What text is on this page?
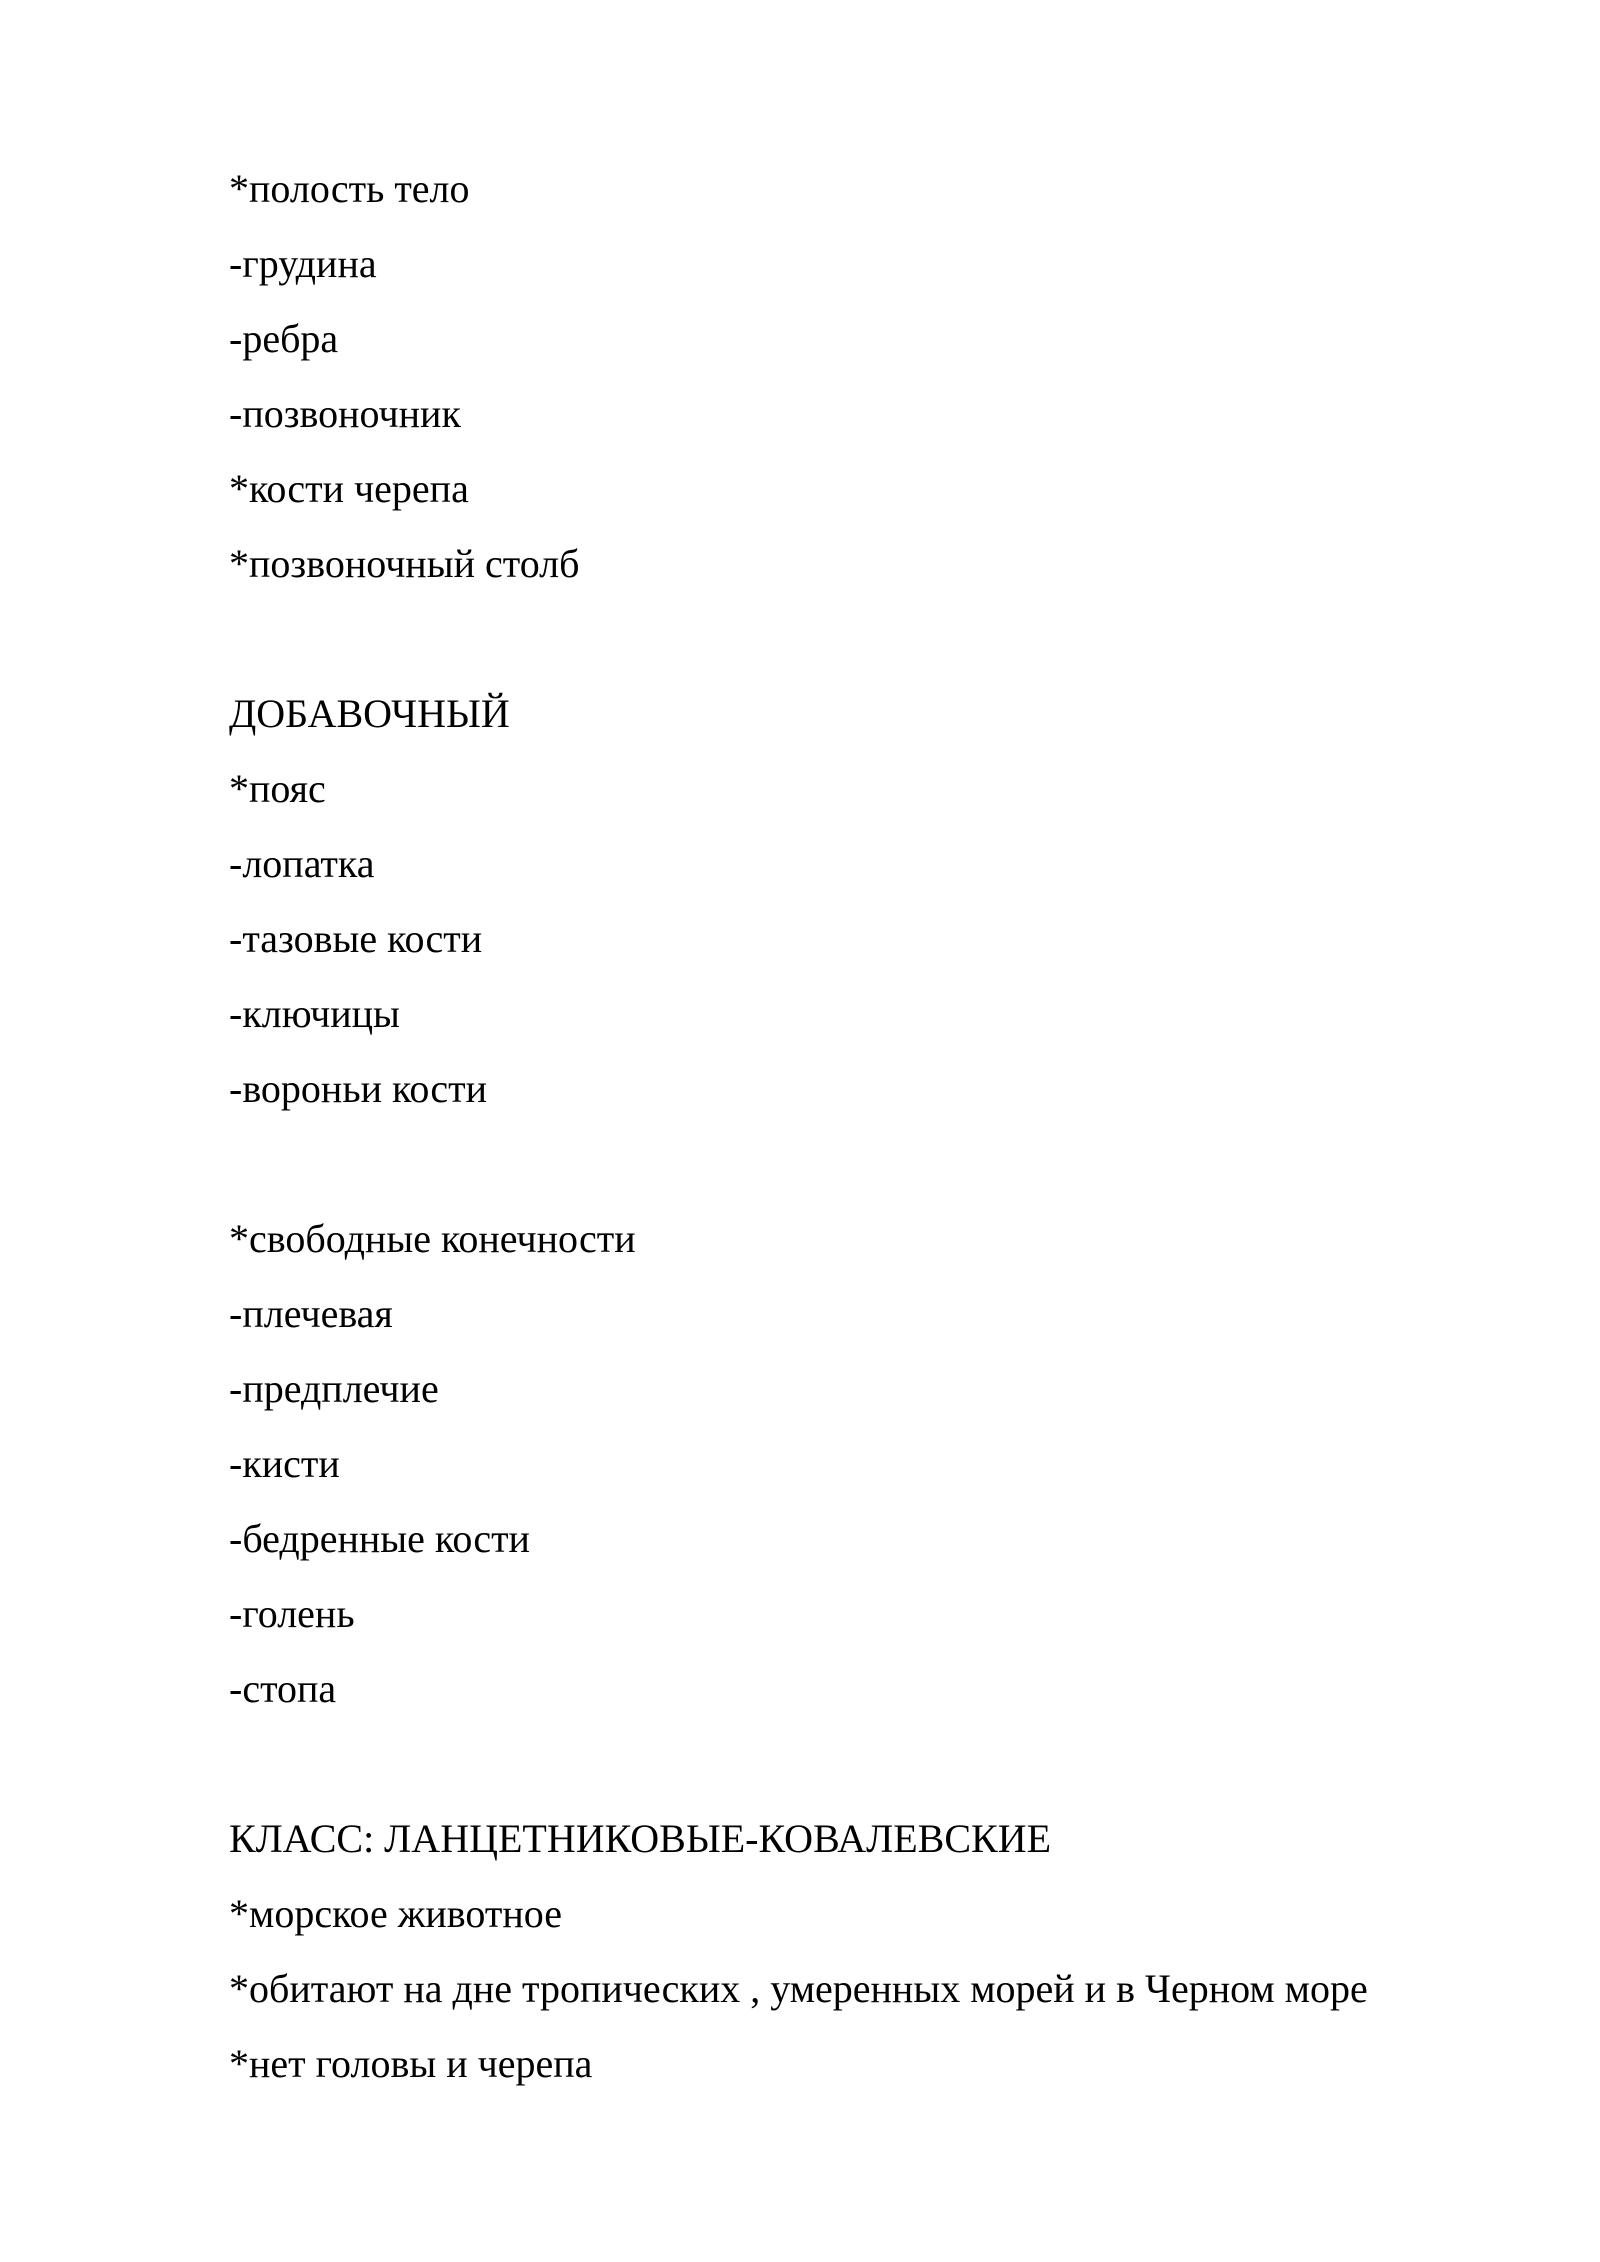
*полость тело

-грудина

-ребра

-позвоночник

*кости черепа

*позвоночный столб

ДОБАВОЧНЫЙ

*пояс

-лопатка

-тазовые кости

-ключицы

-вороньи кости

*свободные конечности

-плечевая

-предплечие

-кисти

-бедренные кости

-голень

-стопа

КЛАСС: ЛАНЦЕТНИКОВЫЕ-КОВАЛЕВСКИЕ

*морское животное

*обитают на дне тропических , умеренных морей и в Черном море

*нет головы и черепа
